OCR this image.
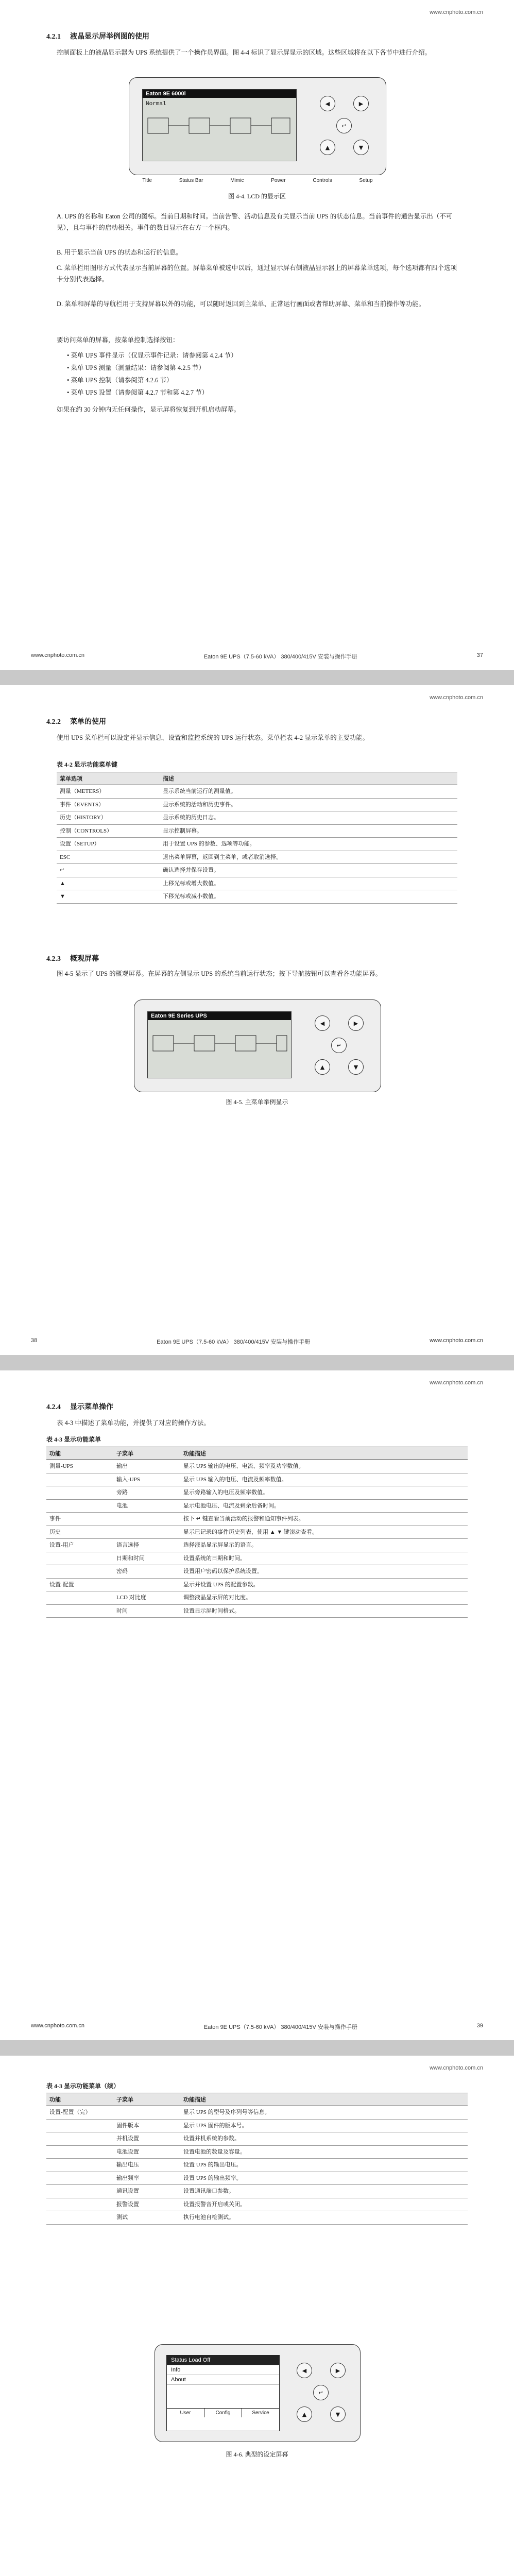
www.cnphoto.com.cn
4.2.1 液晶显示屏举例图的使用

控制面板上的液晶显示器为 UPS 系统提供了一个操作员界面。图 4-4 标识了显示屏显示的区域。这些区域将在以下各节中进行介绍。

Eaton 9E 6000i
Normal	◀	▶
↵
▲	▼
Title	Status Bar	Mimic	Power	Controls	Setup
图 4-4. LCD 的显示区

A. UPS 的名称和 Eaton 公司的图标。当前日期和时间。当前告警、活动信息及有关显示当前 UPS 的状态信息。当前事件的通告显示出（不可见），且与事件的启动相关。事件的数目显示在右方一个框内。

B. 用于显示当前 UPS 的状态和运行的信息。

C. 菜单栏用图形方式代表显示当前屏幕的位置。屏幕菜单被选中以后，通过显示屏右侧液晶显示器上的屏幕菜单选项，每个选项都有四个选项卡分别代表选择。

D. 菜单和屏幕的导航栏用于支持屏幕以外的功能，可以随时返回到主菜单、正常运行画面或者帮助屏幕、菜单和当前操作等功能。

要访问菜单的屏幕，按菜单控制选择按钮：

• 菜单 UPS 事件显示（仅显示事件记录：请参阅第 4.2.4 节）

• 菜单 UPS 测量（测量结果：请参阅第 4.2.5 节）

• 菜单 UPS 控制（请参阅第 4.2.6 节）

• 菜单 UPS 设置（请参阅第 4.2.7 节和第 4.2.7 节）

如果在约 30 分钟内无任何操作，显示屏将恢复到开机启动屏幕。

www.cnphoto.com.cn	Eaton 9E UPS（7.5-60 kVA） 380/400/415V 安装与操作手册	37
www.cnphoto.com.cn
4.2.2 菜单的使用

使用 UPS 菜单栏可以设定并显示信息、设置和监控系统的 UPS 运行状态。菜单栏表 4-2 显示菜单的主要功能。

表 4-2 显示功能菜单键
菜单选项	描述
测量（METERS）	显示系统当前运行的测量值。
事件（EVENTS）	显示系统的活动和历史事件。
历史（HISTORY）	显示系统的历史日志。
控制（CONTROLS）	显示控制屏幕。
设置（SETUP）	用于设置 UPS 的参数、选项等功能。
ESC	退出菜单屏幕，返回到主菜单，或者取消选择。
↵	确认选择并保存设置。
▲	上移光标或增大数值。
▼	下移光标或减小数值。
4.2.3 概观屏幕

图 4-5 显示了 UPS 的概观屏幕。在屏幕的左侧显示 UPS 的系统当前运行状态；按下导航按钮可以查看各功能屏幕。

Eaton 9E Series UPS
◀	▶
↵
▲	▼
图 4-5. 主菜单举例显示
38	Eaton 9E UPS（7.5-60 kVA） 380/400/415V 安装与操作手册	www.cnphoto.com.cn
www.cnphoto.com.cn
4.2.4 显示菜单操作

表 4-3 中描述了菜单功能，并提供了对应的操作方法。

表 4-3 显示功能菜单
功能	子菜单	功能描述
测量-UPS	输出	显示 UPS 输出的电压、电流、频率及功率数值。
	输入-UPS	显示 UPS 输入的电压、电流及频率数值。
	旁路	显示旁路输入的电压及频率数值。
	电池	显示电池电压、电流及剩余后备时间。
事件		按下 ↵ 键查看当前活动的报警和通知事件列表。
历史		显示已记录的事件历史列表，使用 ▲ ▼ 键滚动查看。
设置-用户	语言选择	选择液晶显示屏显示的语言。
	日期和时间	设置系统的日期和时间。
	密码	设置用户密码以保护系统设置。
设置-配置		显示并设置 UPS 的配置参数。
	LCD 对比度	调整液晶显示屏的对比度。
	时间	设置显示屏时间格式。
www.cnphoto.com.cn	Eaton 9E UPS（7.5-60 kVA） 380/400/415V 安装与操作手册	39
www.cnphoto.com.cn
表 4-3 显示功能菜单（续）
功能	子菜单	功能描述
设置-配置（完）		显示 UPS 的型号及序列号等信息。
	固件版本	显示 UPS 固件的版本号。
	并机设置	设置并机系统的参数。
	电池设置	设置电池的数量及容量。
	输出电压	设置 UPS 的输出电压。
	输出频率	设置 UPS 的输出频率。
	通讯设置	设置通讯端口参数。
	报警设置	设置报警音开启或关闭。
	测试	执行电池自检测试。
Status Load Off
Info
About
User	Config	Service
◀	▶
↵
▲	▼
图 4-6. 典型的设定屏幕
